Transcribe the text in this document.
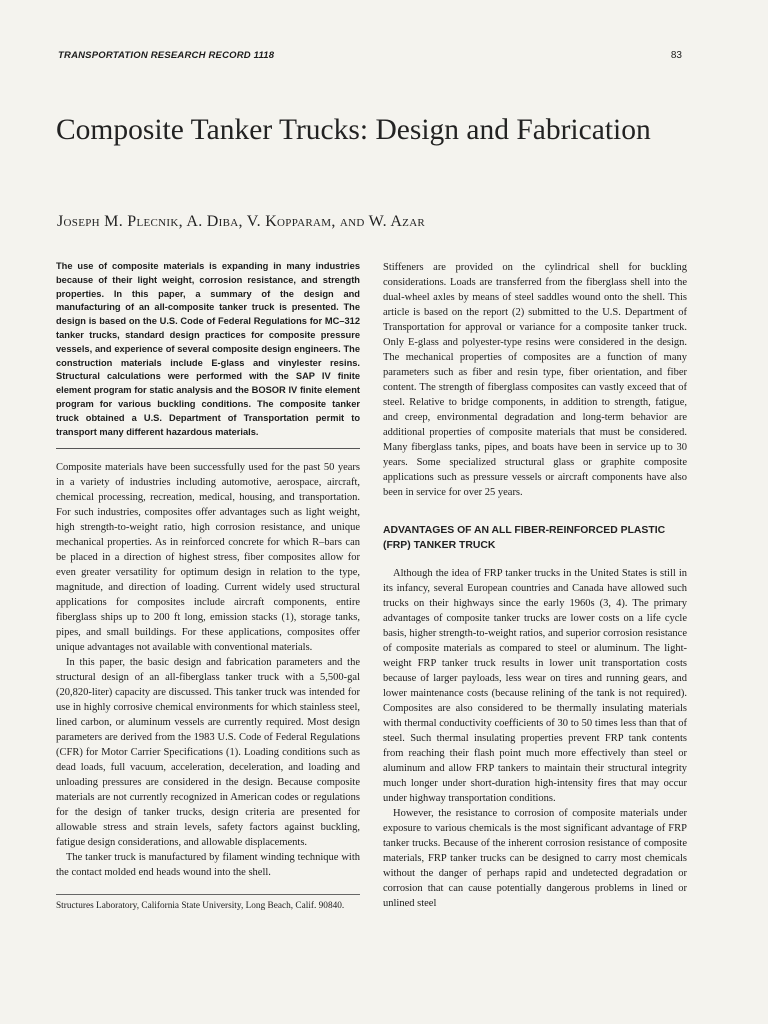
TRANSPORTATION RESEARCH RECORD 1118	83
Composite Tanker Trucks: Design and Fabrication

Joseph M. Plecnik, A. Diba, V. Kopparam, and W. Azar

The use of composite materials is expanding in many industries because of their light weight, corrosion resistance, and strength properties. In this paper, a summary of the design and manufacturing of an all-composite tanker truck is presented. The design is based on the U.S. Code of Federal Regulations for MC–312 tanker trucks, standard design practices for composite pressure vessels, and experience of several composite design engineers. The construction materials include E-glass and vinylester resins. Structural calculations were performed with the SAP IV finite element program for static analysis and the BOSOR IV finite element program for various buckling conditions. The composite tanker truck obtained a U.S. Department of Transportation permit to transport many different hazardous materials.

Composite materials have been successfully used for the past 50 years in a variety of industries including automotive, aerospace, aircraft, chemical processing, recreation, medical, housing, and transportation. For such industries, composites offer advantages such as light weight, high strength-to-weight ratio, high corrosion resistance, and unique mechanical properties. As in reinforced concrete for which R–bars can be placed in a direction of highest stress, fiber composites allow for even greater versatility for optimum design in relation to the type, magnitude, and direction of loading. Current widely used structural applications for composites include aircraft components, entire fiberglass ships up to 200 ft long, emission stacks (1), storage tanks, pipes, and small buildings. For these applications, composites offer unique advantages not available with conventional materials.

In this paper, the basic design and fabrication parameters and the structural design of an all-fiberglass tanker truck with a 5,500-gal (20,820-liter) capacity are discussed. This tanker truck was intended for use in highly corrosive chemical environments for which stainless steel, lined carbon, or aluminum vessels are currently required. Most design parameters are derived from the 1983 U.S. Code of Federal Regulations (CFR) for Motor Carrier Specifications (1). Loading conditions such as dead loads, full vacuum, acceleration, deceleration, and loading and unloading pressures are considered in the design. Because composite materials are not currently recognized in American codes or regulations for the design of tanker trucks, design criteria are presented for allowable stress and strain levels, safety factors against buckling, fatigue design considerations, and allowable displacements.

The tanker truck is manufactured by filament winding technique with the contact molded end heads wound into the shell.

Structures Laboratory, California State University, Long Beach, Calif. 90840.

Stiffeners are provided on the cylindrical shell for buckling considerations. Loads are transferred from the fiberglass shell into the dual-wheel axles by means of steel saddles wound onto the shell. This article is based on the report (2) submitted to the U.S. Department of Transportation for approval or variance for a composite tanker truck. Only E-glass and polyester-type resins were considered in the design. The mechanical properties of composites are a function of many parameters such as fiber and resin type, fiber orientation, and fiber content. The strength of fiberglass composites can vastly exceed that of steel. Relative to bridge components, in addition to strength, fatigue, and creep, environmental degradation and long-term behavior are additional properties of composite materials that must be considered. Many fiberglass tanks, pipes, and boats have been in service up to 30 years. Some specialized structural glass or graphite composite applications such as pressure vessels or aircraft components have also been in service for over 25 years.

ADVANTAGES OF AN ALL FIBER-REINFORCED PLASTIC (FRP) TANKER TRUCK

Although the idea of FRP tanker trucks in the United States is still in its infancy, several European countries and Canada have allowed such trucks on their highways since the early 1960s (3, 4). The primary advantages of composite tanker trucks are lower costs on a life cycle basis, higher strength-to-weight ratios, and superior corrosion resistance of composite materials as compared to steel or aluminum. The light-weight FRP tanker truck results in lower unit transportation costs because of larger payloads, less wear on tires and running gears, and lower maintenance costs (because relining of the tank is not required). Composites are also considered to be thermally insulating materials with thermal conductivity coefficients of 30 to 50 times less than that of steel. Such thermal insulating properties prevent FRP tank contents from reaching their flash point much more effectively than steel or aluminum and allow FRP tankers to maintain their structural integrity much longer under short-duration high-intensity fires that may occur under highway transportation conditions.

However, the resistance to corrosion of composite materials under exposure to various chemicals is the most significant advantage of FRP tanker trucks. Because of the inherent corrosion resistance of composite materials, FRP tanker trucks can be designed to carry most chemicals without the danger of perhaps rapid and undetected degradation or corrosion that can cause potentially dangerous problems in lined or unlined steel
